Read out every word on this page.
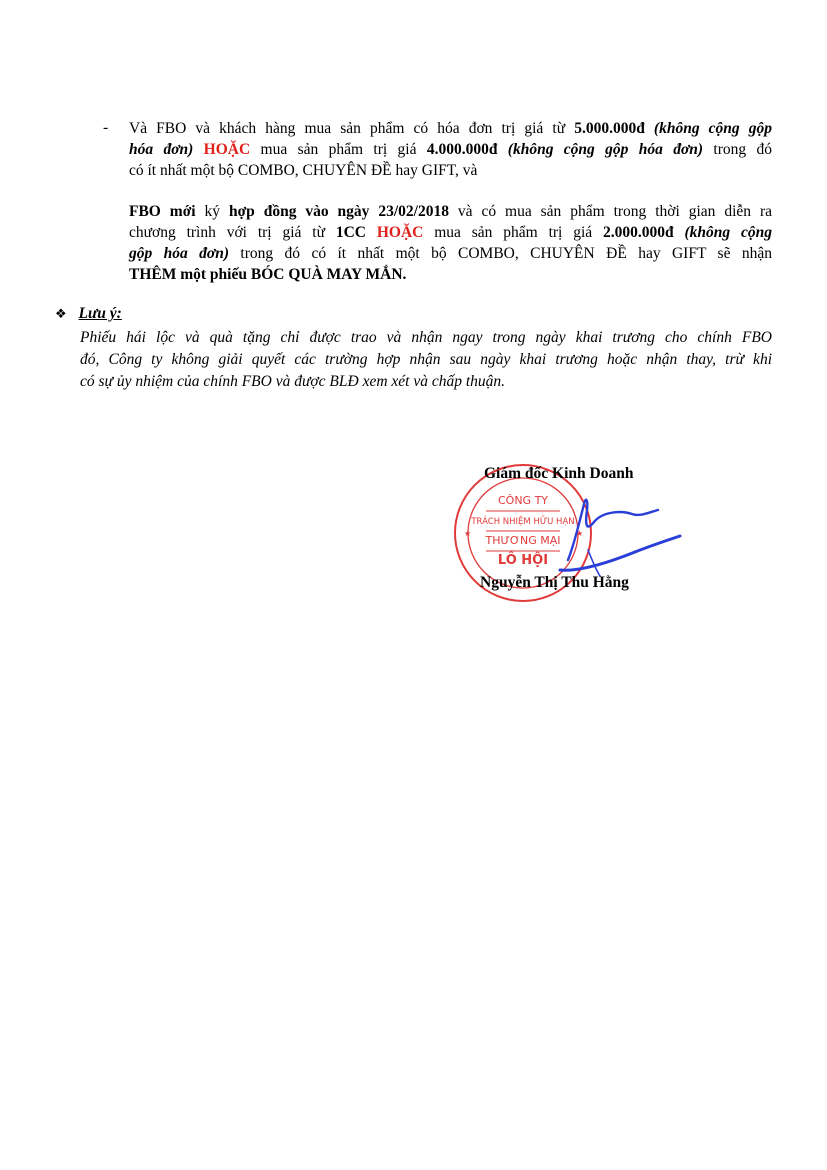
- Và FBO và khách hàng mua sản phẩm có hóa đơn trị giá từ 5.000.000đ (không cộng gộp
hóa đơn) HOẶC mua sản phẩm trị giá 4.000.000đ (không cộng gộp hóa đơn) trong đó
có ít nhất một bộ COMBO, CHUYÊN ĐỀ hay GIFT, và
FBO mới ký hợp đồng vào ngày 23/02/2018 và có mua sản phẩm trong thời gian diễn ra
chương trình với trị giá từ 1CC HOẶC mua sản phẩm trị giá 2.000.000đ (không cộng
gộp hóa đơn) trong đó có ít nhất một bộ COMBO, CHUYÊN ĐỀ hay GIFT sẽ nhận
THÊM một phiếu BÓC QUÀ MAY MẮN.
❖ Lưu ý:
Phiếu hái lộc và quà tặng chỉ được trao và nhận ngay trong ngày khai trương cho chính FBO
đó, Công ty không giải quyết các trường hợp nhận sau ngày khai trương hoặc nhận thay, trừ khi
có sự ủy nhiệm của chính FBO và được BLĐ xem xét và chấp thuận.
CÔNG TY
TRÁCH NHIỆM HỮU HẠN
THƯƠNG MẠI
LÔ HỘI
★	★
Giám đốc Kinh Doanh
Nguyễn Thị Thu Hằng
